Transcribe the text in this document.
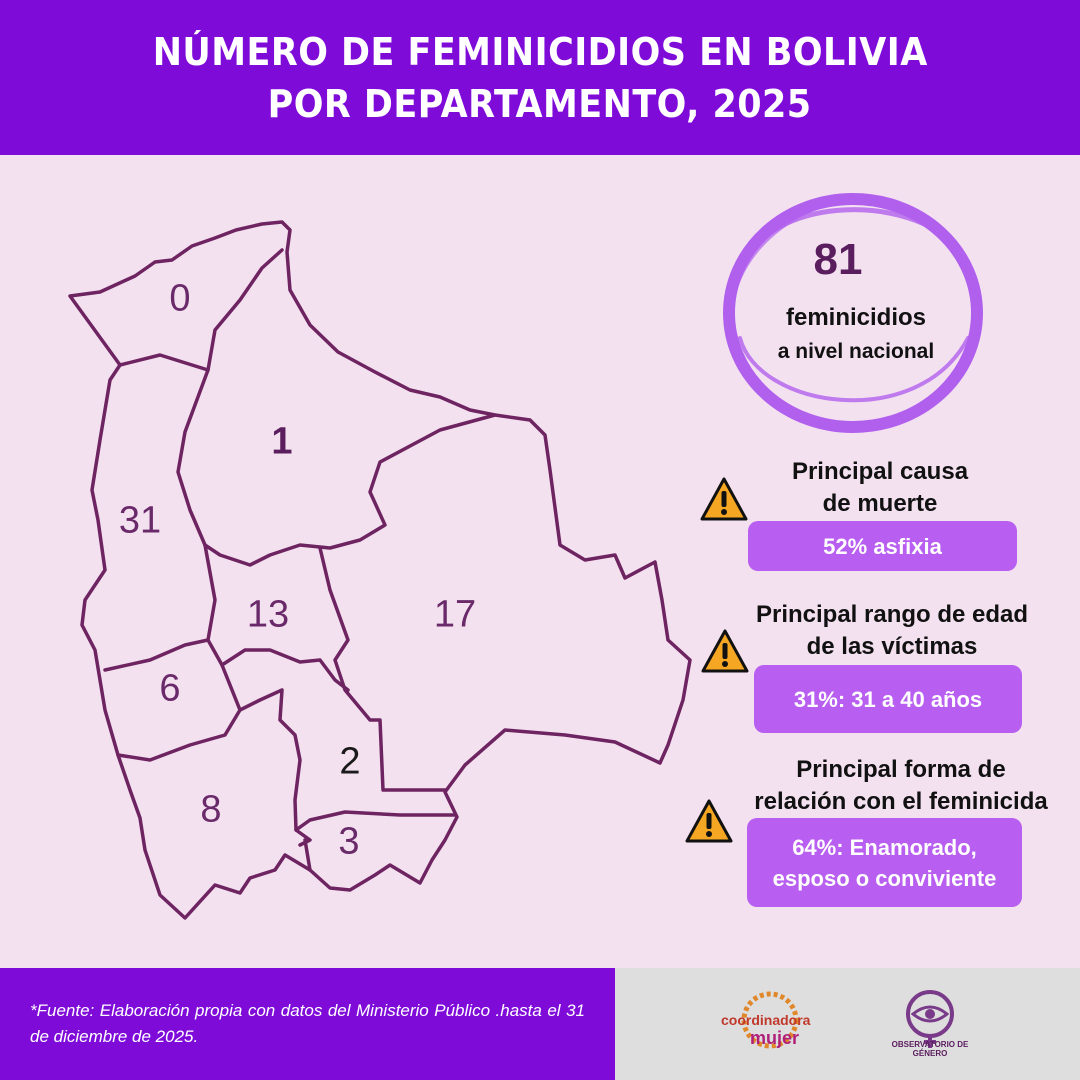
NÚMERO DE FEMINICIDIOS EN BOLIVIA
POR DEPARTAMENTO, 2025
0
1
31
13	17
6
2
8
3
81
feminicidios
a nivel nacional
Principal causa
de muerte
52% asfixia
Principal rango de edad
de las víctimas
31%: 31 a 40 años
Principal forma de
relación con el feminicida
64%: Enamorado,
esposo o conviviente
*Fuente: Elaboración propia con datos del Ministerio Público .hasta el 31 de diciembre de 2025.
coordinadora
mujer	OBSERVATORIO DE GÉNERO
